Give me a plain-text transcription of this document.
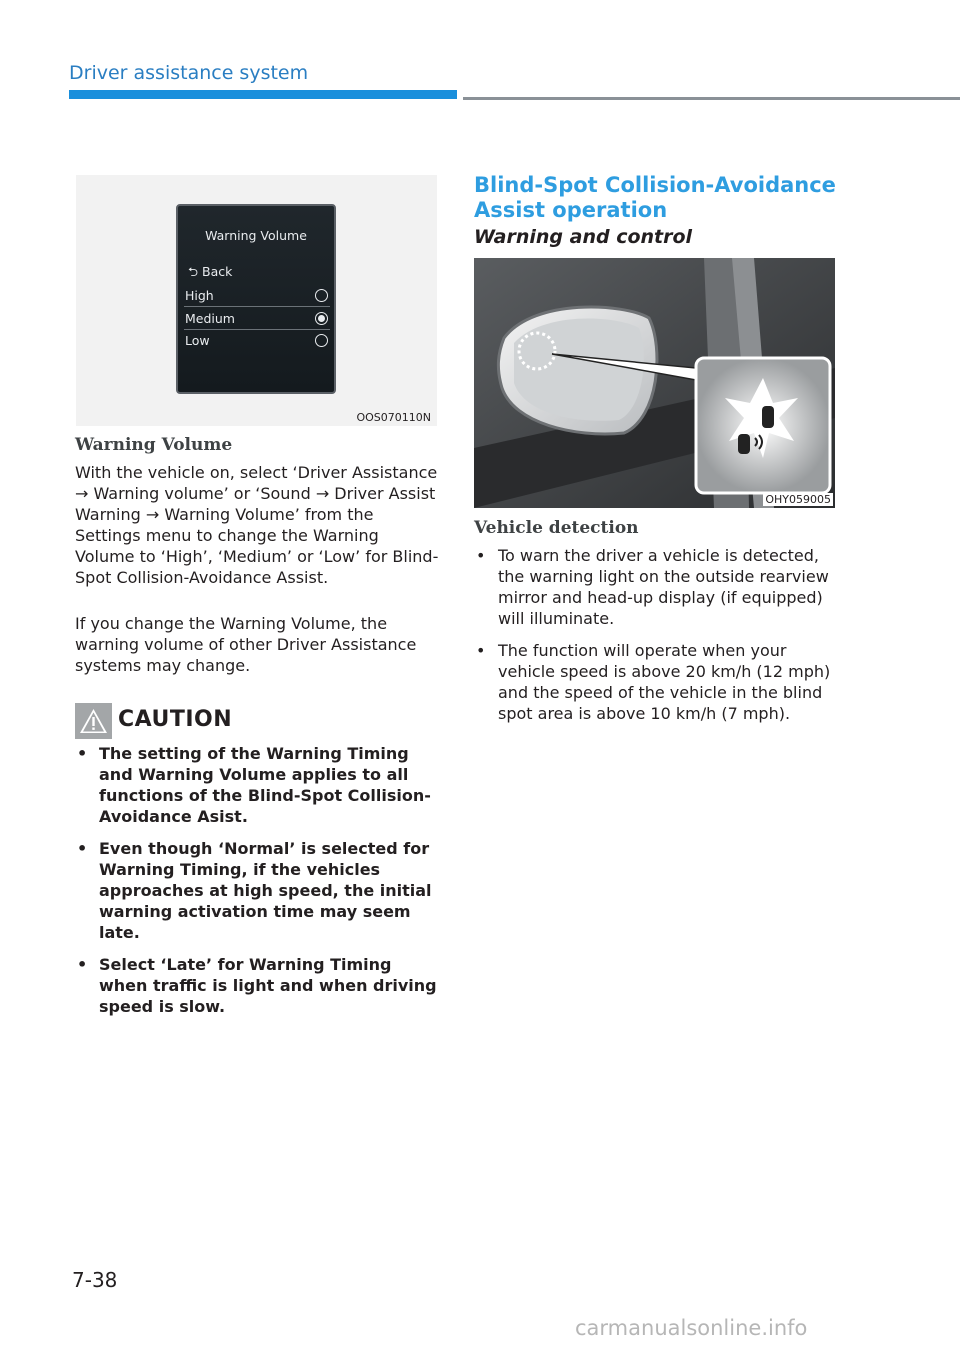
Driver assistance system
Warning Volume
⮌ Back
High
Medium
Low
OOS070110N
Warning Volume
With the vehicle on, select ‘Driver Assistance → Warning volume’ or ‘Sound → Driver Assist Warning → Warning Volume’ from the Settings menu to change the Warning Volume to ‘High’, ‘Medium’ or ‘Low’ for Blind-Spot Collision-Avoidance Assist.
If you change the Warning Volume, the warning volume of other Driver Assistance systems may change.
CAUTION
• The setting of the Warning Timing and Warning Volume applies to all functions of the Blind-Spot Collision-Avoidance Asist.
• Even though ‘Normal’ is selected for Warning Timing, if the vehicles approaches at high speed, the initial warning activation time may seem late.
• Select ‘Late’ for Warning Timing when traffic is light and when driving speed is slow.
Blind-Spot Collision-Avoidance
Assist operation
Warning and control
OHY059005
Vehicle detection
• To warn the driver a vehicle is detected, the warning light on the outside rearview mirror and head-up display (if equipped) will illuminate.
• The function will operate when your vehicle speed is above 20 km/h (12 mph) and the speed of the vehicle in the blind spot area is above 10 km/h (7 mph).
7-38
carmanualsonline.info
